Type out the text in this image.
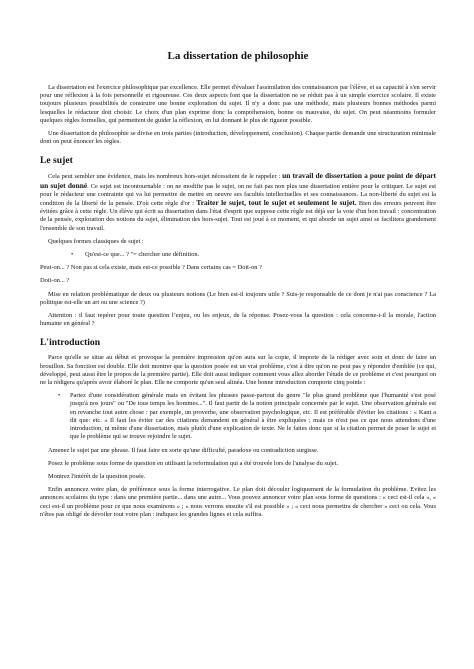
La dissertation de philosophie

La dissertation est l'exercice philosophique par excellence. Elle permet d'évaluer l'assimilation des connaissances par l'élève, et sa capacité à s'en servir pour une réflexion à la fois personnelle et rigoureuse. Ces deux aspects font que la dissertation ne se réduit pas à un simple exercice scolaire. Il existe toujours plusieurs possibilités de construire une bonne exploration du sujet. Il n'y a donc pas une méthode, mais plusieurs bonnes méthodes parmi lesquelles le rédacteur doit choisir. Le choix d'un plan exprime donc la compréhension, bonne ou mauvaise, du sujet. On peut néanmoins formuler quelques règles formelles, qui permettent de guider la réflexion, en lui donnant le plus de rigueur possible.

Une dissertation de philosophie se divise en trois parties (introduction, développement, conclusion). Chaque partie demande une structuration minimale dont on peut énoncer les règles.

Le sujet

Cela peut sembler une évidence, mais les nombreux hors-sujet nécessitent de le rappeler : un travail de dissertation a pour point de départ un sujet donné. Ce sujet est incontournable : on ne modifie pas le sujet, on ne fait pas non plus une dissertation entière pour le critiquer. Le sujet est pour le rédacteur une contrainte qui va lui permettre de mettre en oeuvre ses facultés intellectuelles et ses connaissances. La non-liberté du sujet est la condition de la liberté de la pensée. D'où cette règle d'or : Traiter le sujet, tout le sujet et seulement le sujet. Bien des erreurs peuvent être évitées grâce à cette règle. Un élève qui écrit sa dissertation dans l'état d'esprit que suppose cette règle est déjà sur la voie d'un bon travail : concentration de la pensée, exploration des notions du sujet, élimination des hors-sujet. Tout est joué à ce moment, et qui aborde un sujet ainsi se facilitera grandement l'ensemble de son travail.

Quelques formes classiques de sujet :

• Qu'est-ce que... ? "= chercher une définition.

Peut-on... ? Non pas si cela existe, mais est-ce possible ? Dans certains cas = Doit-on ?

Doit-on... ?

Mise en relation problématique de deux ou plusieurs notions (Le bien est-il toujours utile ? Suis-je responsable de ce dont je n'ai pas conscience ? La politique est-elle un art ou une science ?)

Attention : il faut repérer pour toute question l’enjeu, ou les enjeux, de la réponse. Posez-vous la question : cela concerne-t-il la morale, l'action humaine en général ?

L'introduction

Parce qu'elle se situe au début et provoque la première impression qu'on aura sur la copie, il importe de la rédiger avec soin et donc de faire un brouillon. Sa fonction est double. Elle doit montrer que la question posée est un vrai problème, c'est à dire qu'on ne peut pas y répondre d'emblée (ce qui, développé, peut aussi être le propos de la première partie). Elle doit aussi indiquer comment vous allez aborder l'étude de ce problème et c'est pourquoi on ne la rédigera qu'après avoir élaboré le plan. Elle ne comporte qu'un seul alinéa. Une bonne introduction comporte cinq points :

• Partez d'une considération générale mais en évitant les phrases passe-partout du genre "le plus grand problème que l'humanité s'est posé jusqu'à nos jours" ou "De tous temps les hommes...". Il faut partir de la notion principale concernée par le sujet. Une observation générale est en revanche tout autre chose : par exemple, un proverbe, une observation psychologique, etc. Il est préférable d'éviter les citations : « Kant a dit que: etc. » Il faut les éviter car des citations demandent en général à être expliquées ; mais ce n'est pas ce que nous attendons d'une introduction, ni même d'une dissertation, mais plutôt d'une explication de texte. Ne le faites donc que si la citation permet de poser le sujet et que le problème qui se trouve rejoindre le sujet.

Amenez le sujet par une phrase. Il faut faire en sorte qu'une difficulté, paradoxe ou contradiction surgisse.

Posez le problème sous forme de question en utilisant la reformulation qui a été trouvée lors de l'analyse du sujet.

Montrez l'intérêt de la question posée.

Enfin annoncez votre plan, de préférence sous la forme interrogative. Le plan doit découler logiquement de la formulation du problème. Evitez les annonces scolaires du type : dans une première partie... dans une autre... Vous pouvez annoncer votre plan sous forme de questions : « ceci est-il cela », « ceci est-il un problème pour ce que nous examinons » ; « nous verrons ensuite s'il est possible » ; « ceci nous permettra de chercher » ceci ou cela. Vous n'êtes pas obligé de dévoiler tout votre plan : indiquez les grandes lignes et cela suffira.
